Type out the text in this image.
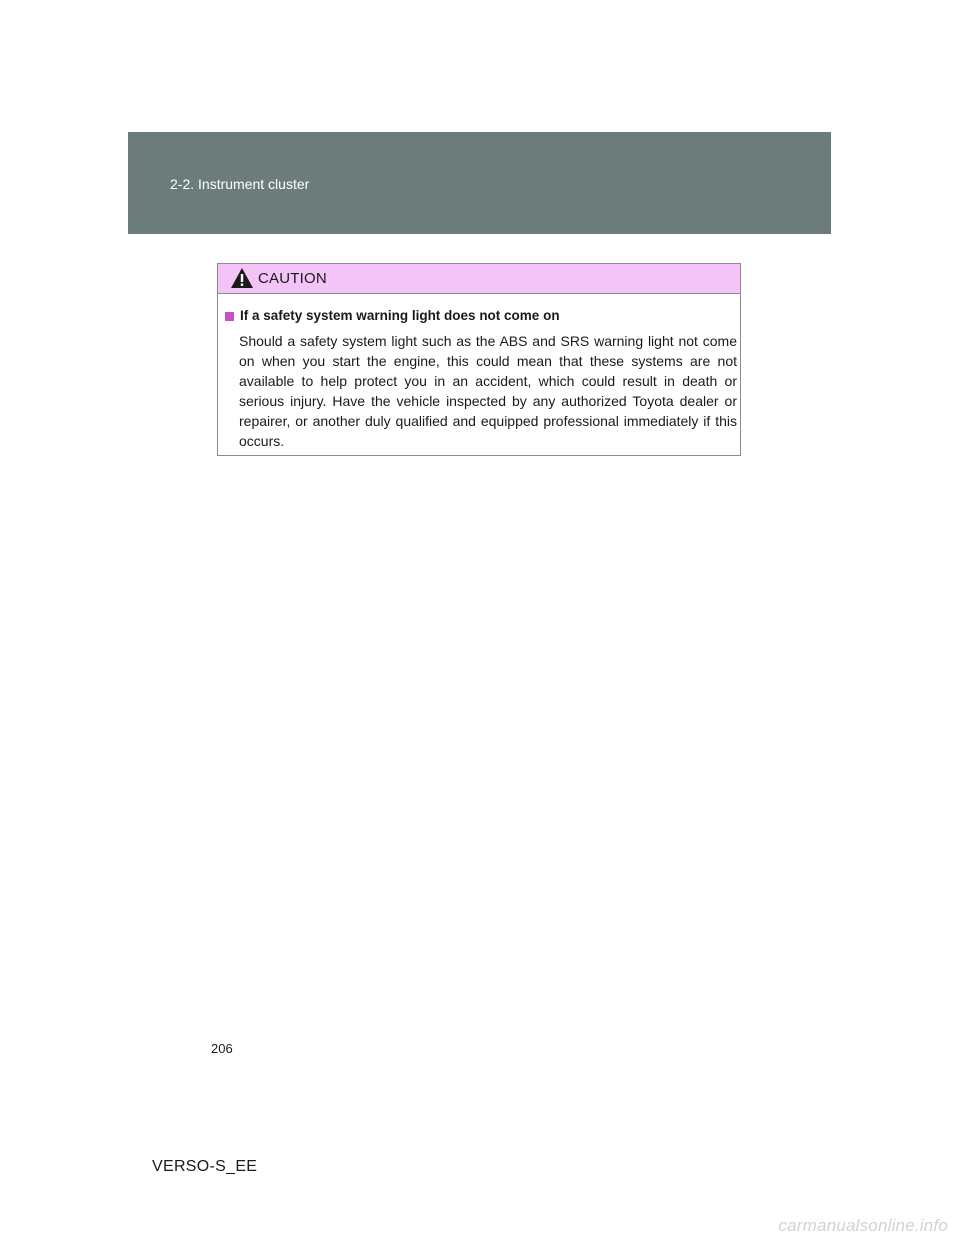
2-2. Instrument cluster
CAUTION
If a safety system warning light does not come on

Should a safety system light such as the ABS and SRS warning light not come on when you start the engine, this could mean that these systems are not available to help protect you in an accident, which could result in death or serious injury. Have the vehicle inspected by any authorized Toyota dealer or repairer, or another duly qualified and equipped professional immediately if this occurs.

206
VERSO-S_EE
carmanualsonline.info
